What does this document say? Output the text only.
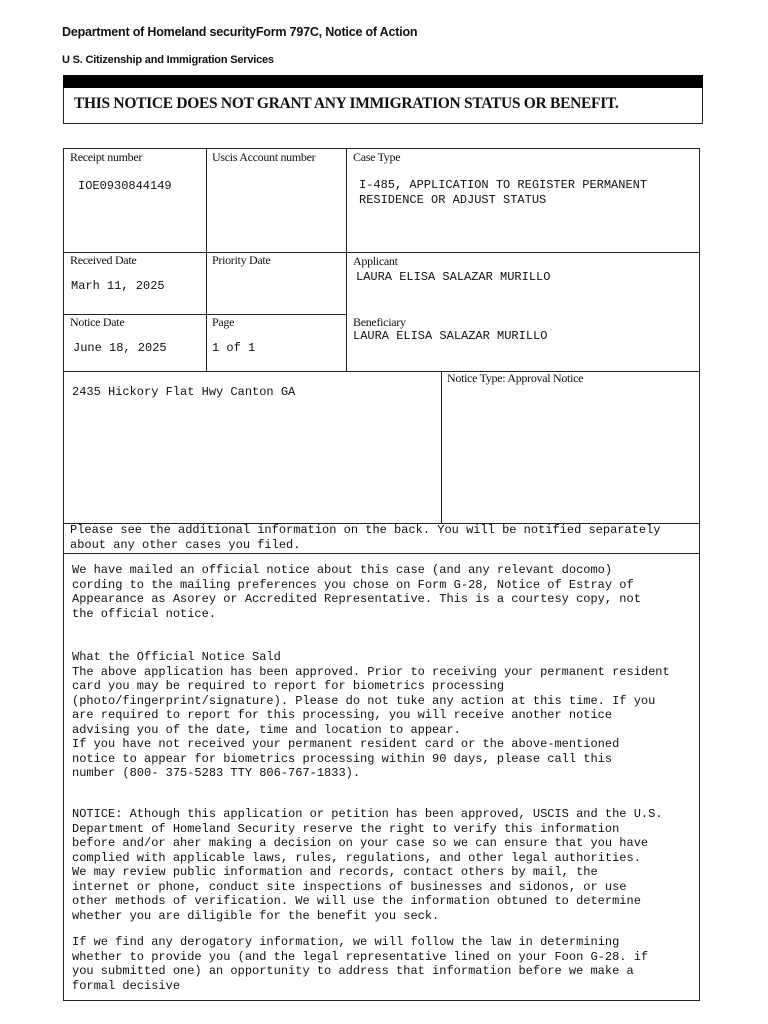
Department of Homeland securityForm 797C, Notice of Action
U S. Citizenship and Immigration Services
THIS NOTICE DOES NOT GRANT ANY IMMIGRATION STATUS OR BENEFIT.
Receipt number
IOE0930844149
Uscis Account number	Case Type
I-485, APPLICATION TO REGISTER PERMANENT
RESIDENCE OR ADJUST STATUS
Received Date
Marh 11, 2025
Priority Date	Applicant
LAURA ELISA SALAZAR MURILLO
Notice Date
June 18, 2025
Page
1 of 1
Beneficiary
LAURA ELISA SALAZAR MURILLO
2435 Hickory Flat Hwy Canton GA
Notice Type: Approval Notice
Please see the additional information on the back. You will be notified separately
about any other cases you filed.
We have mailed an official notice about this case (and any relevant docomo)
cording to the mailing preferences you chose on Form G-28, Notice of Estray of
Appearance as Asorey or Accredited Representative. This is a courtesy copy, not
the official notice.
What the Official Notice Sald
The above application has been approved. Prior to receiving your permanent resident
card you may be required to report for biometrics processing
(photo/fingerprint/signature). Please do not tuke any action at this time. If you
are required to report for this processing, you will receive another notice
advising you of the date, time and location to appear.
If you have not received your permanent resident card or the above-mentioned
notice to appear for biometrics processing within 90 days, please call this
number (800- 375-5283 TTY 806-767-1833).
NOTICE: Athough this application or petition has been approved, USCIS and the U.S.
Department of Homeland Security reserve the right to verify this information
before and/or aher making a decision on your case so we can ensure that you have
complied with applicable laws, rules, regulations, and other legal authorities.
We may review public information and records, contact others by mail, the
internet or phone, conduct site inspections of businesses and sidonos, or use
other methods of verification. We will use the information obtuned to determine
whether you are diligible for the benefit you seck.
If we find any derogatory information, we will follow the law in determining
whether to provide you (and the legal representative lined on your Foon G-28. if
you submitted one) an opportunity to address that information before we make a
formal decisive
